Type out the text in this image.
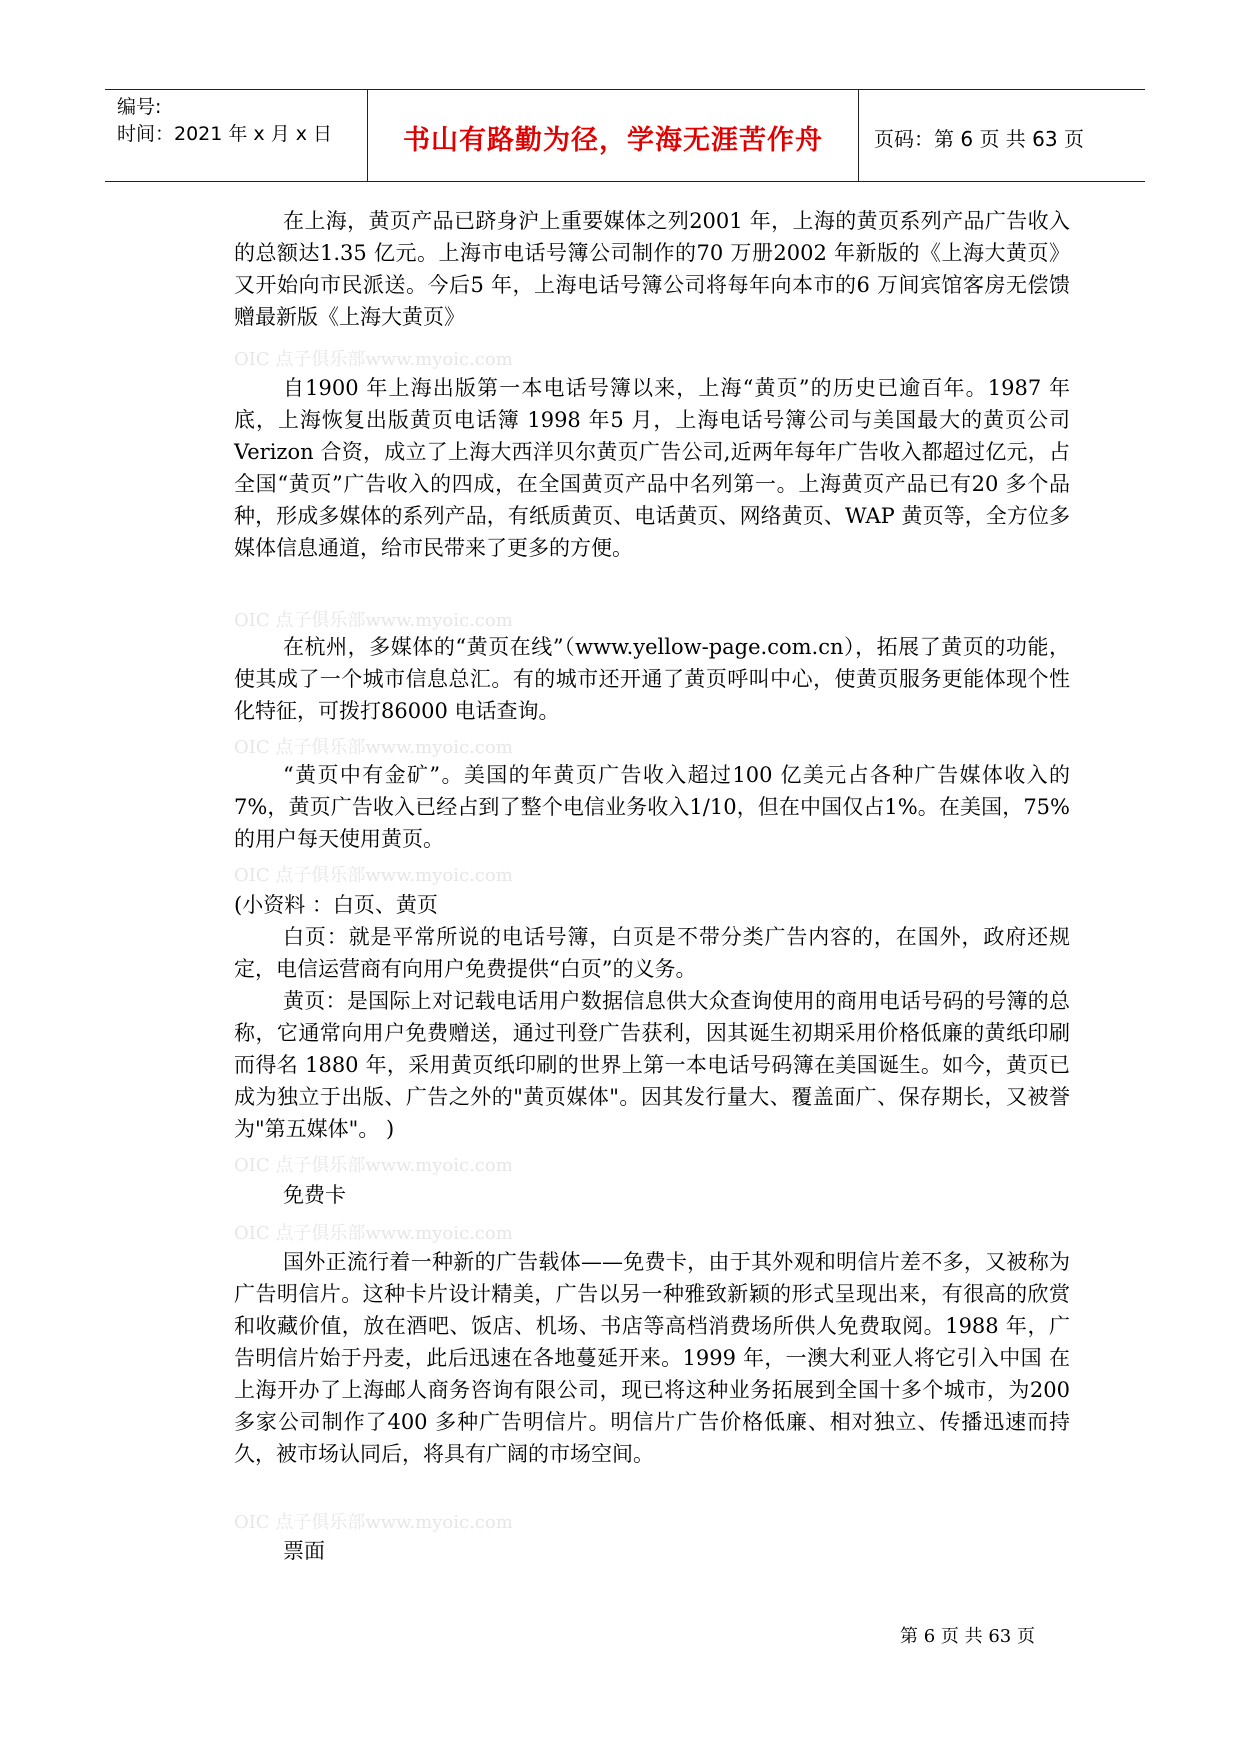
编号:
时间：2021 年 x 月 x 日	书山有路勤为径，学海无涯苦作舟	页码：第 6 页 共 63 页

在上海，黄页产品已跻身沪上重要媒体之列2001 年，上海的黄页系列产品广告收入的总额达1.35 亿元。上海市电话号簿公司制作的70 万册2002 年新版的《上海大黄页》又开始向市民派送。今后5 年，上海电话号簿公司将每年向本市的6 万间宾馆客房无偿馈赠最新版《上海大黄页》

OIC 点子俱乐部www.myoic.com

自1900 年上海出版第一本电话号簿以来，上海“黄页”的历史已逾百年。1987 年底，上海恢复出版黄页电话簿 1998 年5 月，上海电话号簿公司与美国最大的黄页公司Verizon 合资，成立了上海大西洋贝尔黄页广告公司,近两年每年广告收入都超过亿元，占全国“黄页”广告收入的四成，在全国黄页产品中名列第一。上海黄页产品已有20 多个品种，形成多媒体的系列产品，有纸质黄页、电话黄页、网络黄页、WAP 黄页等，全方位多媒体信息通道，给市民带来了更多的方便。

OIC 点子俱乐部www.myoic.com

在杭州，多媒体的“黄页在线”（www.yellow-page.com.cn），拓展了黄页的功能，使其成了一个城市信息总汇。有的城市还开通了黄页呼叫中心，使黄页服务更能体现个性化特征，可拨打86000 电话查询。

OIC 点子俱乐部www.myoic.com

“黄页中有金矿”。美国的年黄页广告收入超过100 亿美元占各种广告媒体收入的7%，黄页广告收入已经占到了整个电信业务收入1/10，但在中国仅占1%。在美国，75%的用户每天使用黄页。

OIC 点子俱乐部www.myoic.com
(小资料 ：白页、黄页

白页：就是平常所说的电话号簿，白页是不带分类广告内容的，在国外，政府还规定，电信运营商有向用户免费提供“白页”的义务。

黄页：是国际上对记载电话用户数据信息供大众查询使用的商用电话号码的号簿的总称，它通常向用户免费赠送，通过刊登广告获利，因其诞生初期采用价格低廉的黄纸印刷而得名 1880 年，采用黄页纸印刷的世界上第一本电话号码簿在美国诞生。如今，黄页已成为独立于出版、广告之外的"黄页媒体"。因其发行量大、覆盖面广、保存期长，又被誉为"第五媒体"。 )

OIC 点子俱乐部www.myoic.com
免费卡
OIC 点子俱乐部www.myoic.com

国外正流行着一种新的广告载体——免费卡，由于其外观和明信片差不多，又被称为广告明信片。这种卡片设计精美，广告以另一种雅致新颖的形式呈现出来，有很高的欣赏和收藏价值，放在酒吧、饭店、机场、书店等高档消费场所供人免费取阅。1988 年，广告明信片始于丹麦，此后迅速在各地蔓延开来。1999 年，一澳大利亚人将它引入中国 在上海开办了上海邮人商务咨询有限公司，现已将这种业务拓展到全国十多个城市，为200 多家公司制作了400 多种广告明信片。明信片广告价格低廉、相对独立、传播迅速而持久，被市场认同后，将具有广阔的市场空间。

OIC 点子俱乐部www.myoic.com
票面
第 6 页 共 63 页
